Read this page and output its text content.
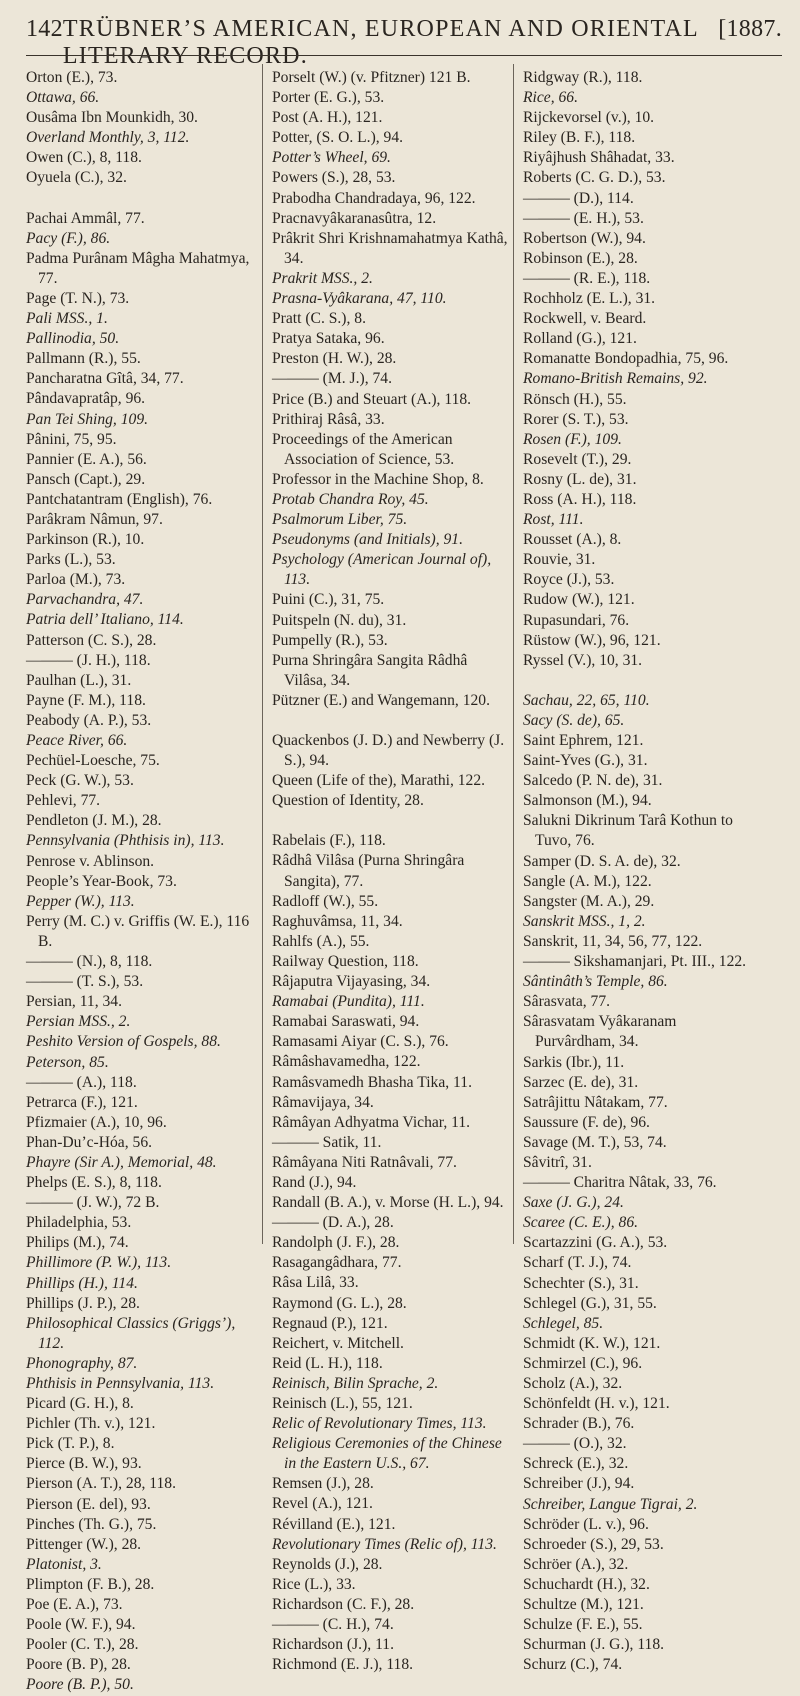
142 TRÜBNER’S AMERICAN, EUROPEAN AND ORIENTAL LITERARY RECORD.
[1887.
Orton (E.), 73.
Ottawa, 66.
Ousâma Ibn Mounkidh, 30.
Overland Monthly, 3, 112.
Owen (C.), 8, 118.
Oyuela (C.), 32.
Pachai Ammâl, 77.
Pacy (F.), 86.
Padma Purânam Mâgha Mahatmya, 77.
Page (T. N.), 73.
Pali MSS., 1.
Pallinodia, 50.
Pallmann (R.), 55.
Pancharatna Gîtâ, 34, 77.
Pândavapratâp, 96.
Pan Tei Shing, 109.
Pânini, 75, 95.
Pannier (E. A.), 56.
Pansch (Capt.), 29.
Pantchatantram (English), 76.
Parâkram Nâmun, 97.
Parkinson (R.), 10.
Parks (L.), 53.
Parloa (M.), 73.
Parvachandra, 47.
Patria dell’ Italiano, 114.
Patterson (C. S.), 28.
——— (J. H.), 118.
Paulhan (L.), 31.
Payne (F. M.), 118.
Peabody (A. P.), 53.
Peace River, 66.
Pechüel-Loesche, 75.
Peck (G. W.), 53.
Pehlevi, 77.
Pendleton (J. M.), 28.
Pennsylvania (Phthisis in), 113.
Penrose v. Ablinson.
People’s Year-Book, 73.
Pepper (W.), 113.
Perry (M. C.) v. Griffis (W. E.), 116 B.
——— (N.), 8, 118.
——— (T. S.), 53.
Persian, 11, 34.
Persian MSS., 2.
Peshito Version of Gospels, 88.
Peterson, 85.
——— (A.), 118.
Petrarca (F.), 121.
Pfizmaier (A.), 10, 96.
Phan-Du’c-Hóa, 56.
Phayre (Sir A.), Memorial, 48.
Phelps (E. S.), 8, 118.
——— (J. W.), 72 B.
Philadelphia, 53.
Philips (M.), 74.
Phillimore (P. W.), 113.
Phillips (H.), 114.
Phillips (J. P.), 28.
Philosophical Classics (Griggs’), 112.
Phonography, 87.
Phthisis in Pennsylvania, 113.
Picard (G. H.), 8.
Pichler (Th. v.), 121.
Pick (T. P.), 8.
Pierce (B. W.), 93.
Pierson (A. T.), 28, 118.
Pierson (E. del), 93.
Pinches (Th. G.), 75.
Pittenger (W.), 28.
Platonist, 3.
Plimpton (F. B.), 28.
Poe (E. A.), 73.
Poole (W. F.), 94.
Pooler (C. T.), 28.
Poore (B. P), 28.
Poore (B. P.), 50.
Porselt (W.) (v. Pfitzner) 121 B.
Porter (E. G.), 53.
Post (A. H.), 121.
Potter, (S. O. L.), 94.
Potter’s Wheel, 69.
Powers (S.), 28, 53.
Prabodha Chandradaya, 96, 122.
Pracnavyâkaranasûtra, 12.
Prâkrit Shri Krishnamahatmya Kathâ, 34.
Prakrit MSS., 2.
Prasna-Vyâkarana, 47, 110.
Pratt (C. S.), 8.
Pratya Sataka, 96.
Preston (H. W.), 28.
——— (M. J.), 74.
Price (B.) and Steuart (A.), 118.
Prithiraj Râsâ, 33.
Proceedings of the American Association of Science, 53.
Professor in the Machine Shop, 8.
Protab Chandra Roy, 45.
Psalmorum Liber, 75.
Pseudonyms (and Initials), 91.
Psychology (American Journal of), 113.
Puini (C.), 31, 75.
Puitspeln (N. du), 31.
Pumpelly (R.), 53.
Purna Shringâra Sangita Râdhâ Vilâsa, 34.
Pützner (E.) and Wangemann, 120.
Quackenbos (J. D.) and Newberry (J. S.), 94.
Queen (Life of the), Marathi, 122.
Question of Identity, 28.
Rabelais (F.), 118.
Râdhâ Vilâsa (Purna Shringâra Sangita), 77.
Radloff (W.), 55.
Raghuvâmsa, 11, 34.
Rahlfs (A.), 55.
Railway Question, 118.
Râjaputra Vijayasing, 34.
Ramabai (Pundita), 111.
Ramabai Saraswati, 94.
Ramasami Aiyar (C. S.), 76.
Râmâshavamedha, 122.
Ramâsvamedh Bhasha Tika, 11.
Râmavijaya, 34.
Râmâyan Adhyatma Vichar, 11.
——— Satik, 11.
Râmâyana Niti Ratnâvali, 77.
Rand (J.), 94.
Randall (B. A.), v. Morse (H. L.), 94.
——— (D. A.), 28.
Randolph (J. F.), 28.
Rasagangâdhara, 77.
Râsa Lilâ, 33.
Raymond (G. L.), 28.
Regnaud (P.), 121.
Reichert, v. Mitchell.
Reid (L. H.), 118.
Reinisch, Bilin Sprache, 2.
Reinisch (L.), 55, 121.
Relic of Revolutionary Times, 113.
Religious Ceremonies of the Chinese in the Eastern U.S., 67.
Remsen (J.), 28.
Revel (A.), 121.
Révilland (E.), 121.
Revolutionary Times (Relic of), 113.
Reynolds (J.), 28.
Rice (L.), 33.
Richardson (C. F.), 28.
——— (C. H.), 74.
Richardson (J.), 11.
Richmond (E. J.), 118.
Ridgway (R.), 118.
Rice, 66.
Rijckevorsel (v.), 10.
Riley (B. F.), 118.
Riyâjhush Shâhadat, 33.
Roberts (C. G. D.), 53.
——— (D.), 114.
——— (E. H.), 53.
Robertson (W.), 94.
Robinson (E.), 28.
——— (R. E.), 118.
Rochholz (E. L.), 31.
Rockwell, v. Beard.
Rolland (G.), 121.
Romanatte Bondopadhia, 75, 96.
Romano-British Remains, 92.
Rönsch (H.), 55.
Rorer (S. T.), 53.
Rosen (F.), 109.
Rosevelt (T.), 29.
Rosny (L. de), 31.
Ross (A. H.), 118.
Rost, 111.
Rousset (A.), 8.
Rouvie, 31.
Royce (J.), 53.
Rudow (W.), 121.
Rupasundari, 76.
Rüstow (W.), 96, 121.
Ryssel (V.), 10, 31.
Sachau, 22, 65, 110.
Sacy (S. de), 65.
Saint Ephrem, 121.
Saint-Yves (G.), 31.
Salcedo (P. N. de), 31.
Salmonson (M.), 94.
Salukni Dikrinum Tarâ Kothun to Tuvo, 76.
Samper (D. S. A. de), 32.
Sangle (A. M.), 122.
Sangster (M. A.), 29.
Sanskrit MSS., 1, 2.
Sanskrit, 11, 34, 56, 77, 122.
——— Sikshamanjari, Pt. III., 122.
Sântinâth’s Temple, 86.
Sârasvata, 77.
Sârasvatam Vyâkaranam Purvârdham, 34.
Sarkis (Ibr.), 11.
Sarzec (E. de), 31.
Satrâjittu Nâtakam, 77.
Saussure (F. de), 96.
Savage (M. T.), 53, 74.
Sâvitrî, 31.
——— Charitra Nâtak, 33, 76.
Saxe (J. G.), 24.
Scaree (C. E.), 86.
Scartazzini (G. A.), 53.
Scharf (T. J.), 74.
Schechter (S.), 31.
Schlegel (G.), 31, 55.
Schlegel, 85.
Schmidt (K. W.), 121.
Schmirzel (C.), 96.
Scholz (A.), 32.
Schönfeldt (H. v.), 121.
Schrader (B.), 76.
——— (O.), 32.
Schreck (E.), 32.
Schreiber (J.), 94.
Schreiber, Langue Tigrai, 2.
Schröder (L. v.), 96.
Schroeder (S.), 29, 53.
Schröer (A.), 32.
Schuchardt (H.), 32.
Schultze (M.), 121.
Schulze (F. E.), 55.
Schurman (J. G.), 118.
Schurz (C.), 74.
